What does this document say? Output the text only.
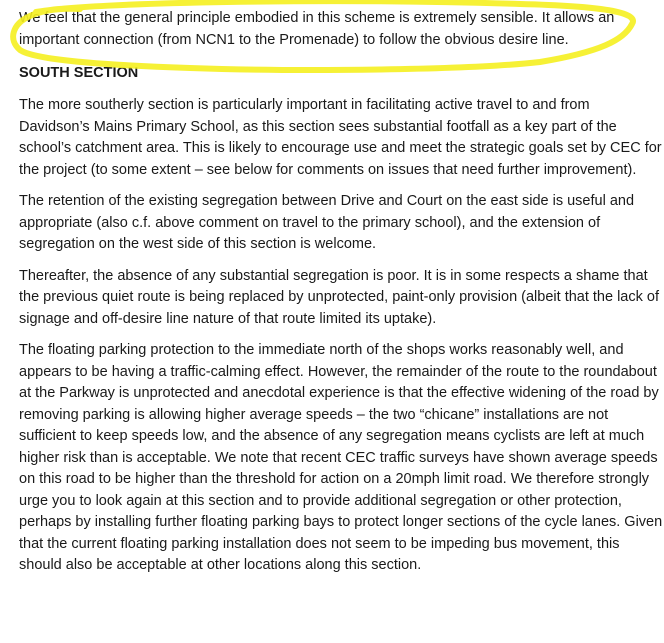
We feel that the general principle embodied in this scheme is extremely sensible. It allows an important connection (from NCN1 to the Promenade) to follow the obvious desire line.

SOUTH SECTION

The more southerly section is particularly important in facilitating active travel to and from Davidson’s Mains Primary School, as this section sees substantial footfall as a key part of the school’s catchment area. This is likely to encourage use and meet the strategic goals set by CEC for the project (to some extent – see below for comments on issues that need further improvement).

The retention of the existing segregation between Drive and Court on the east side is useful and appropriate (also c.f. above comment on travel to the primary school), and the extension of segregation on the west side of this section is welcome.

Thereafter, the absence of any substantial segregation is poor. It is in some respects a shame that the previous quiet route is being replaced by unprotected, paint-only provision (albeit that the lack of signage and off-desire line nature of that route limited its uptake).

The floating parking protection to the immediate north of the shops works reasonably well, and appears to be having a traffic-calming effect. However, the remainder of the route to the roundabout at the Parkway is unprotected and anecdotal experience is that the effective widening of the road by removing parking is allowing higher average speeds – the two “chicane” installations are not sufficient to keep speeds low, and the absence of any segregation means cyclists are left at much higher risk than is acceptable. We note that recent CEC traffic surveys have shown average speeds on this road to be higher than the threshold for action on a 20mph limit road. We therefore strongly urge you to look again at this section and to provide additional segregation or other protection, perhaps by installing further floating parking bays to protect longer sections of the cycle lanes. Given that the current floating parking installation does not seem to be impeding bus movement, this should also be acceptable at other locations along this section.
